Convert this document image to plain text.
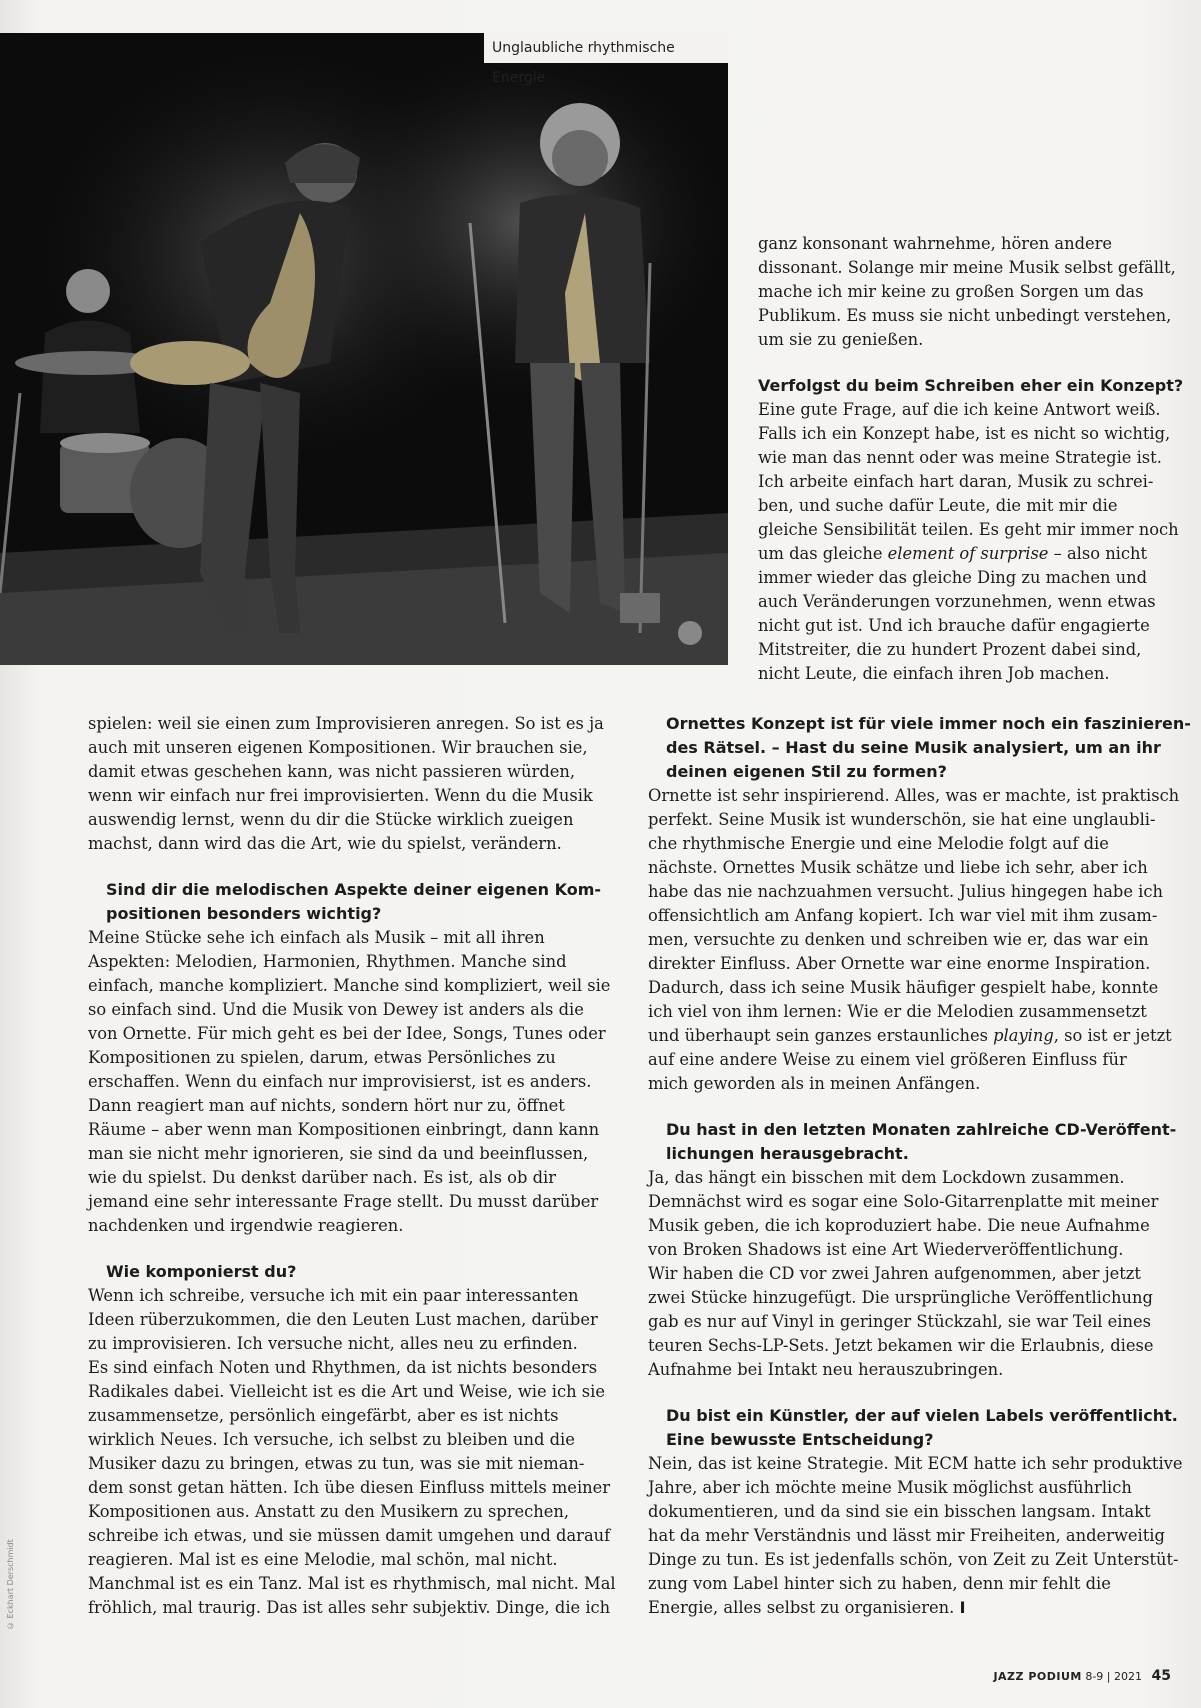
Unglaubliche rhythmische Energie

ganz konsonant wahrnehme, hören andere

dissonant. Solange mir meine Musik selbst gefällt,

mache ich mir keine zu großen Sorgen um das

Publikum. Es muss sie nicht unbedingt verstehen,

um sie zu genießen.

Verfolgst du beim Schreiben eher ein Konzept?

Eine gute Frage, auf die ich keine Antwort weiß.

Falls ich ein Konzept habe, ist es nicht so wichtig,

wie man das nennt oder was meine Strategie ist.

Ich arbeite einfach hart daran, Musik zu schrei-

ben, und suche dafür Leute, die mit mir die

gleiche Sensibilität teilen. Es geht mir immer noch

um das gleiche element of surprise – also nicht

immer wieder das gleiche Ding zu machen und

auch Veränderungen vorzunehmen, wenn etwas

nicht gut ist. Und ich brauche dafür engagierte

Mitstreiter, die zu hundert Prozent dabei sind,

nicht Leute, die einfach ihren Job machen.

spielen: weil sie einen zum Improvisieren anregen. So ist es ja

auch mit unseren eigenen Kompositionen. Wir brauchen sie,

damit etwas geschehen kann, was nicht passieren würden,

wenn wir einfach nur frei improvisierten. Wenn du die Musik

auswendig lernst, wenn du dir die Stücke wirklich zueigen

machst, dann wird das die Art, wie du spielst, verändern.

Sind dir die melodischen Aspekte deiner eigenen Kom-

positionen besonders wichtig?

Meine Stücke sehe ich einfach als Musik – mit all ihren

Aspekten: Melodien, Harmonien, Rhythmen. Manche sind

einfach, manche kompliziert. Manche sind kompliziert, weil sie

so einfach sind. Und die Musik von Dewey ist anders als die

von Ornette. Für mich geht es bei der Idee, Songs, Tunes oder

Kompositionen zu spielen, darum, etwas Persönliches zu

erschaffen. Wenn du einfach nur improvisierst, ist es anders.

Dann reagiert man auf nichts, sondern hört nur zu, öffnet

Räume – aber wenn man Kompositionen einbringt, dann kann

man sie nicht mehr ignorieren, sie sind da und beeinflussen,

wie du spielst. Du denkst darüber nach. Es ist, als ob dir

jemand eine sehr interessante Frage stellt. Du musst darüber

nachdenken und irgendwie reagieren.

Wie komponierst du?

Wenn ich schreibe, versuche ich mit ein paar interessanten

Ideen rüberzukommen, die den Leuten Lust machen, darüber

zu improvisieren. Ich versuche nicht, alles neu zu erfinden.

Es sind einfach Noten und Rhythmen, da ist nichts besonders

Radikales dabei. Vielleicht ist es die Art und Weise, wie ich sie

zusammensetze, persönlich eingefärbt, aber es ist nichts

wirklich Neues. Ich versuche, ich selbst zu bleiben und die

Musiker dazu zu bringen, etwas zu tun, was sie mit nieman-

dem sonst getan hätten. Ich übe diesen Einfluss mittels meiner

Kompositionen aus. Anstatt zu den Musikern zu sprechen,

schreibe ich etwas, und sie müssen damit umgehen und darauf

reagieren. Mal ist es eine Melodie, mal schön, mal nicht.

Manchmal ist es ein Tanz. Mal ist es rhythmisch, mal nicht. Mal

fröhlich, mal traurig. Das ist alles sehr subjektiv. Dinge, die ich

Ornettes Konzept ist für viele immer noch ein faszinieren-

des Rätsel. – Hast du seine Musik analysiert, um an ihr

deinen eigenen Stil zu formen?

Ornette ist sehr inspirierend. Alles, was er machte, ist praktisch

perfekt. Seine Musik ist wunderschön, sie hat eine unglaubli-

che rhythmische Energie und eine Melodie folgt auf die

nächste. Ornettes Musik schätze und liebe ich sehr, aber ich

habe das nie nachzuahmen versucht. Julius hingegen habe ich

offensichtlich am Anfang kopiert. Ich war viel mit ihm zusam-

men, versuchte zu denken und schreiben wie er, das war ein

direkter Einfluss. Aber Ornette war eine enorme Inspiration.

Dadurch, dass ich seine Musik häufiger gespielt habe, konnte

ich viel von ihm lernen: Wie er die Melodien zusammensetzt

und überhaupt sein ganzes erstaunliches playing, so ist er jetzt

auf eine andere Weise zu einem viel größeren Einfluss für

mich geworden als in meinen Anfängen.

Du hast in den letzten Monaten zahlreiche CD-Veröffent-

lichungen herausgebracht.

Ja, das hängt ein bisschen mit dem Lockdown zusammen.

Demnächst wird es sogar eine Solo-Gitarrenplatte mit meiner

Musik geben, die ich koproduziert habe. Die neue Aufnahme

von Broken Shadows ist eine Art Wiederveröffentlichung.

Wir haben die CD vor zwei Jahren aufgenommen, aber jetzt

zwei Stücke hinzugefügt. Die ursprüngliche Veröffentlichung

gab es nur auf Vinyl in geringer Stückzahl, sie war Teil eines

teuren Sechs-LP-Sets. Jetzt bekamen wir die Erlaubnis, diese

Aufnahme bei Intakt neu herauszubringen.

Du bist ein Künstler, der auf vielen Labels veröffentlicht.

Eine bewusste Entscheidung?

Nein, das ist keine Strategie. Mit ECM hatte ich sehr produktive

Jahre, aber ich möchte meine Musik möglichst ausführlich

dokumentieren, und da sind sie ein bisschen langsam. Intakt

hat da mehr Verständnis und lässt mir Freiheiten, anderweitig

Dinge zu tun. Es ist jedenfalls schön, von Zeit zu Zeit Unterstüt-

zung vom Label hinter sich zu haben, denn mir fehlt die

Energie, alles selbst zu organisieren. I

© Eckhart Derschmidt
JAZZ PODIUM 8-9 | 2021 45
